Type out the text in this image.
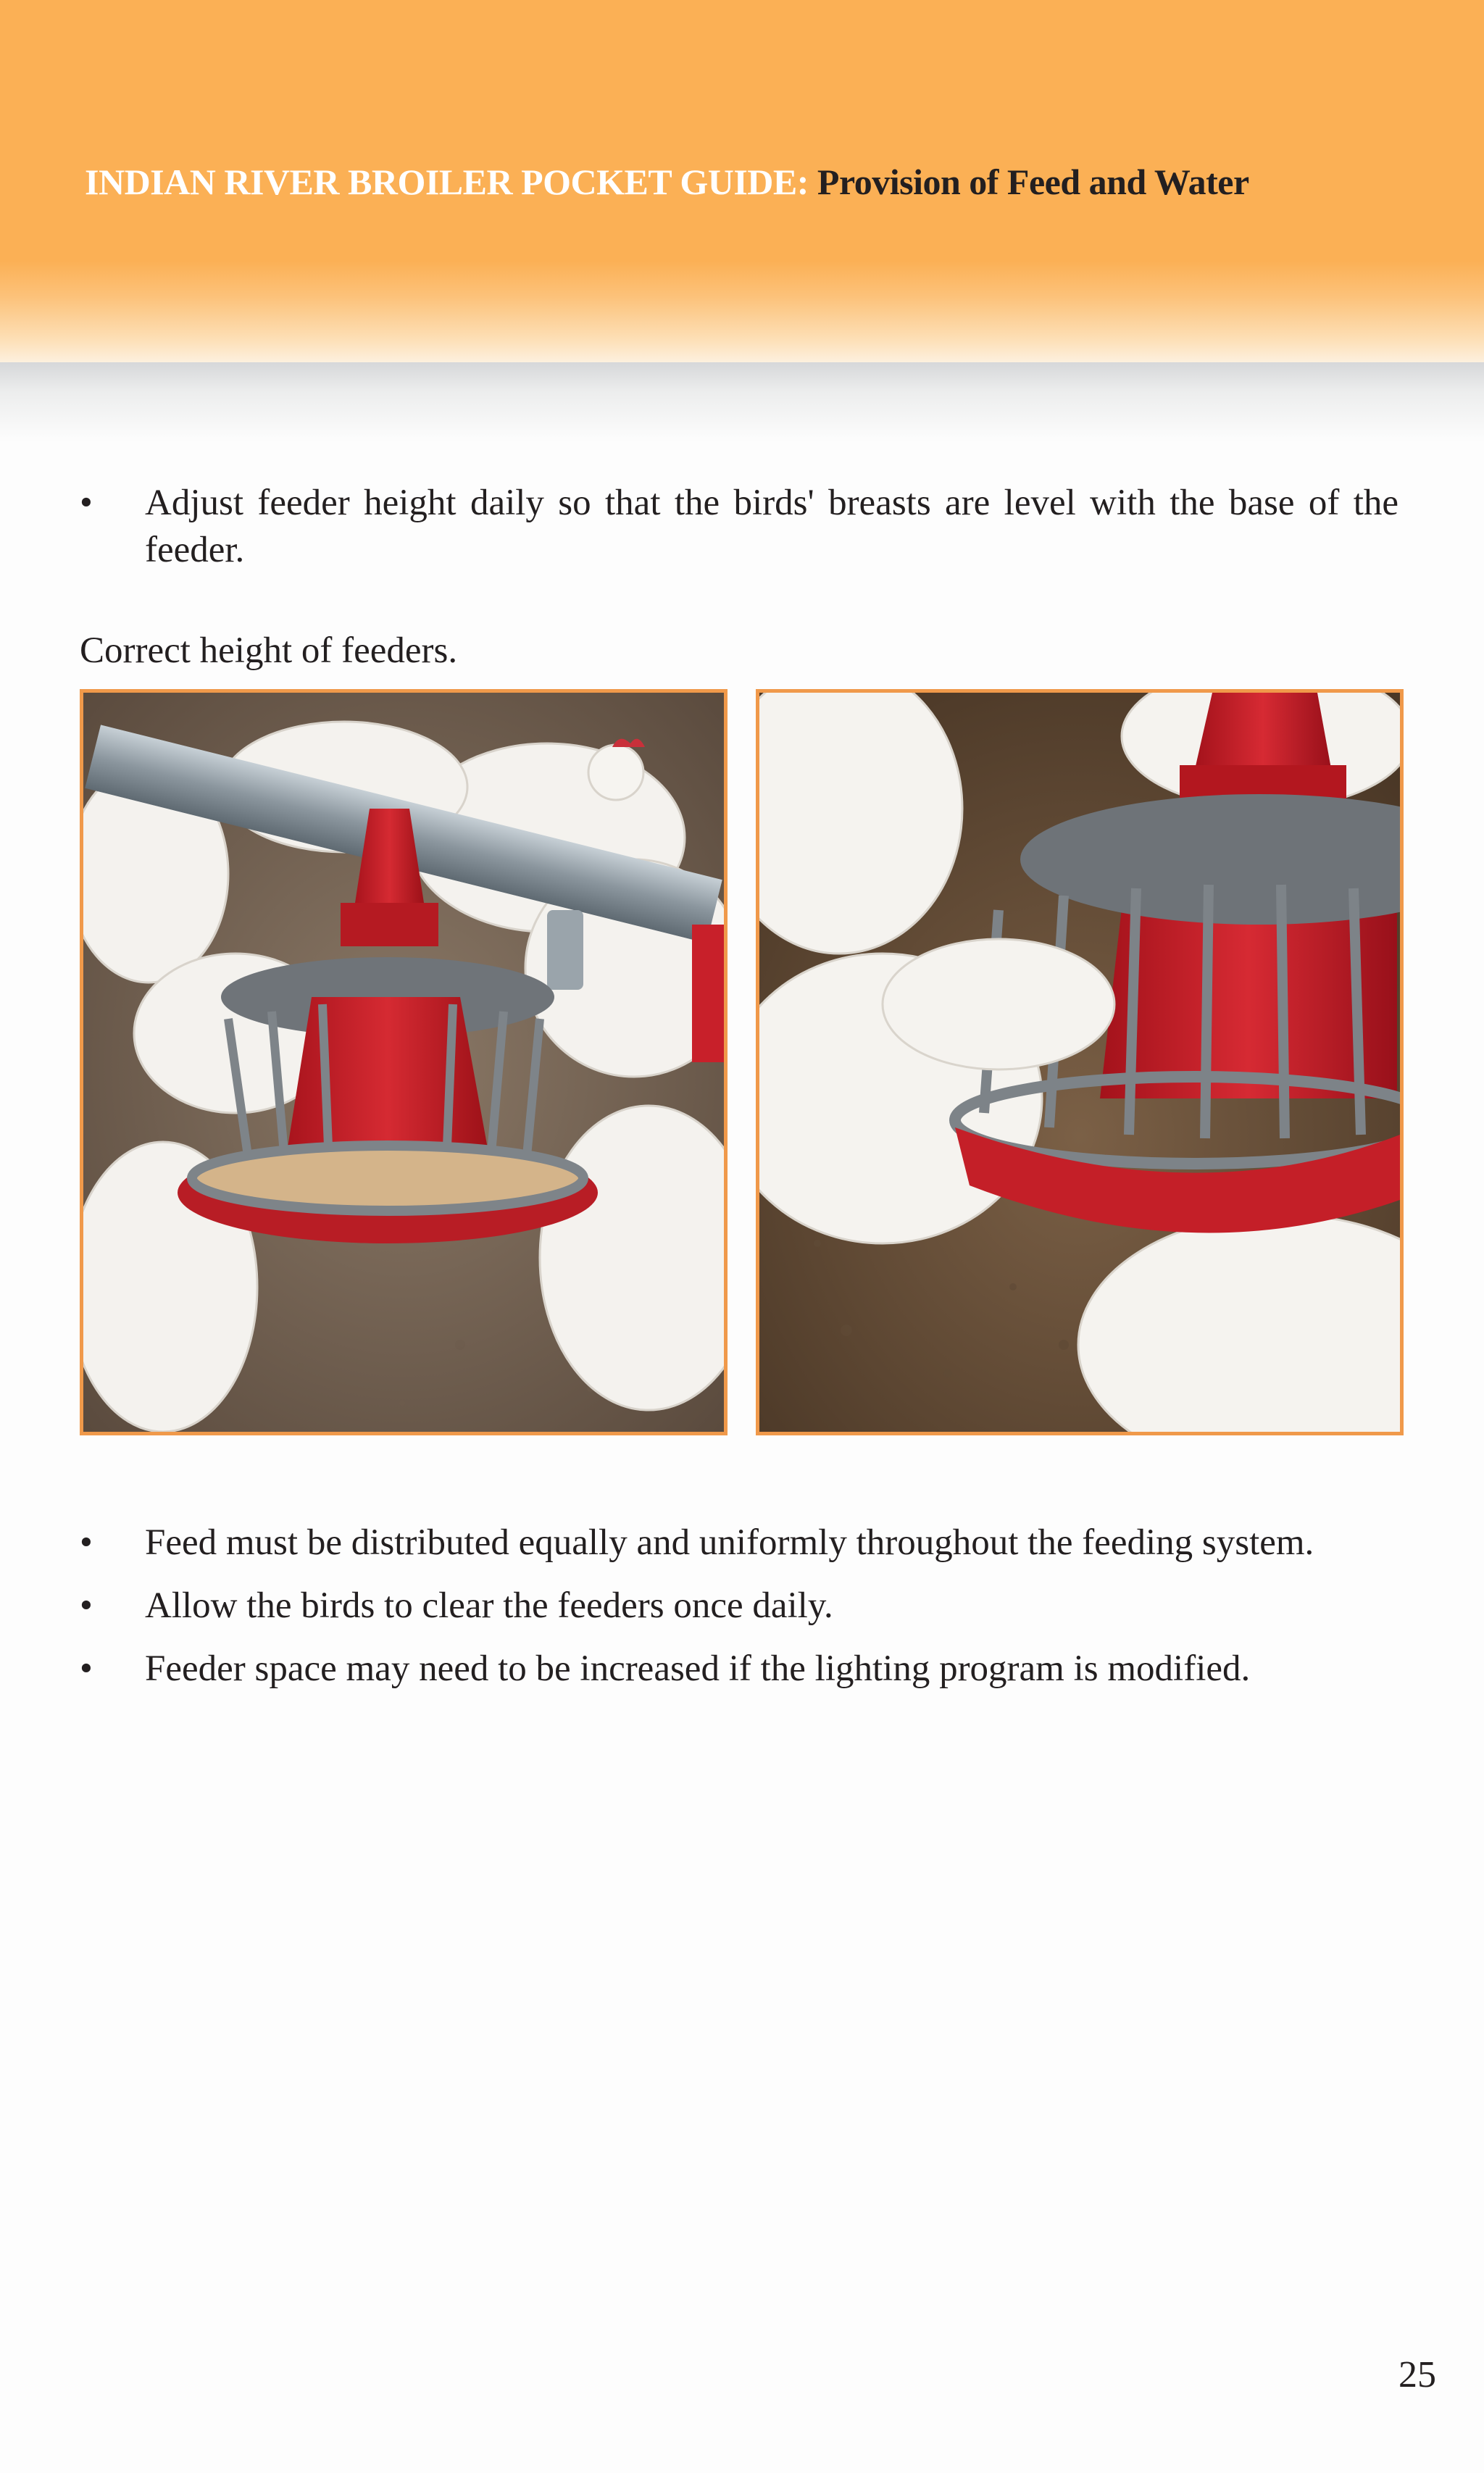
INDIAN RIVER BROILER POCKET GUIDE: Provision of Feed and Water
• Adjust feeder height daily so that the birds' breasts are level with the base of the feeder.
Correct height of feeders.
• Feed must be distributed equally and uniformly throughout the feeding system.
• Allow the birds to clear the feeders once daily.
• Feeder space may need to be increased if the lighting program is modified.
25
